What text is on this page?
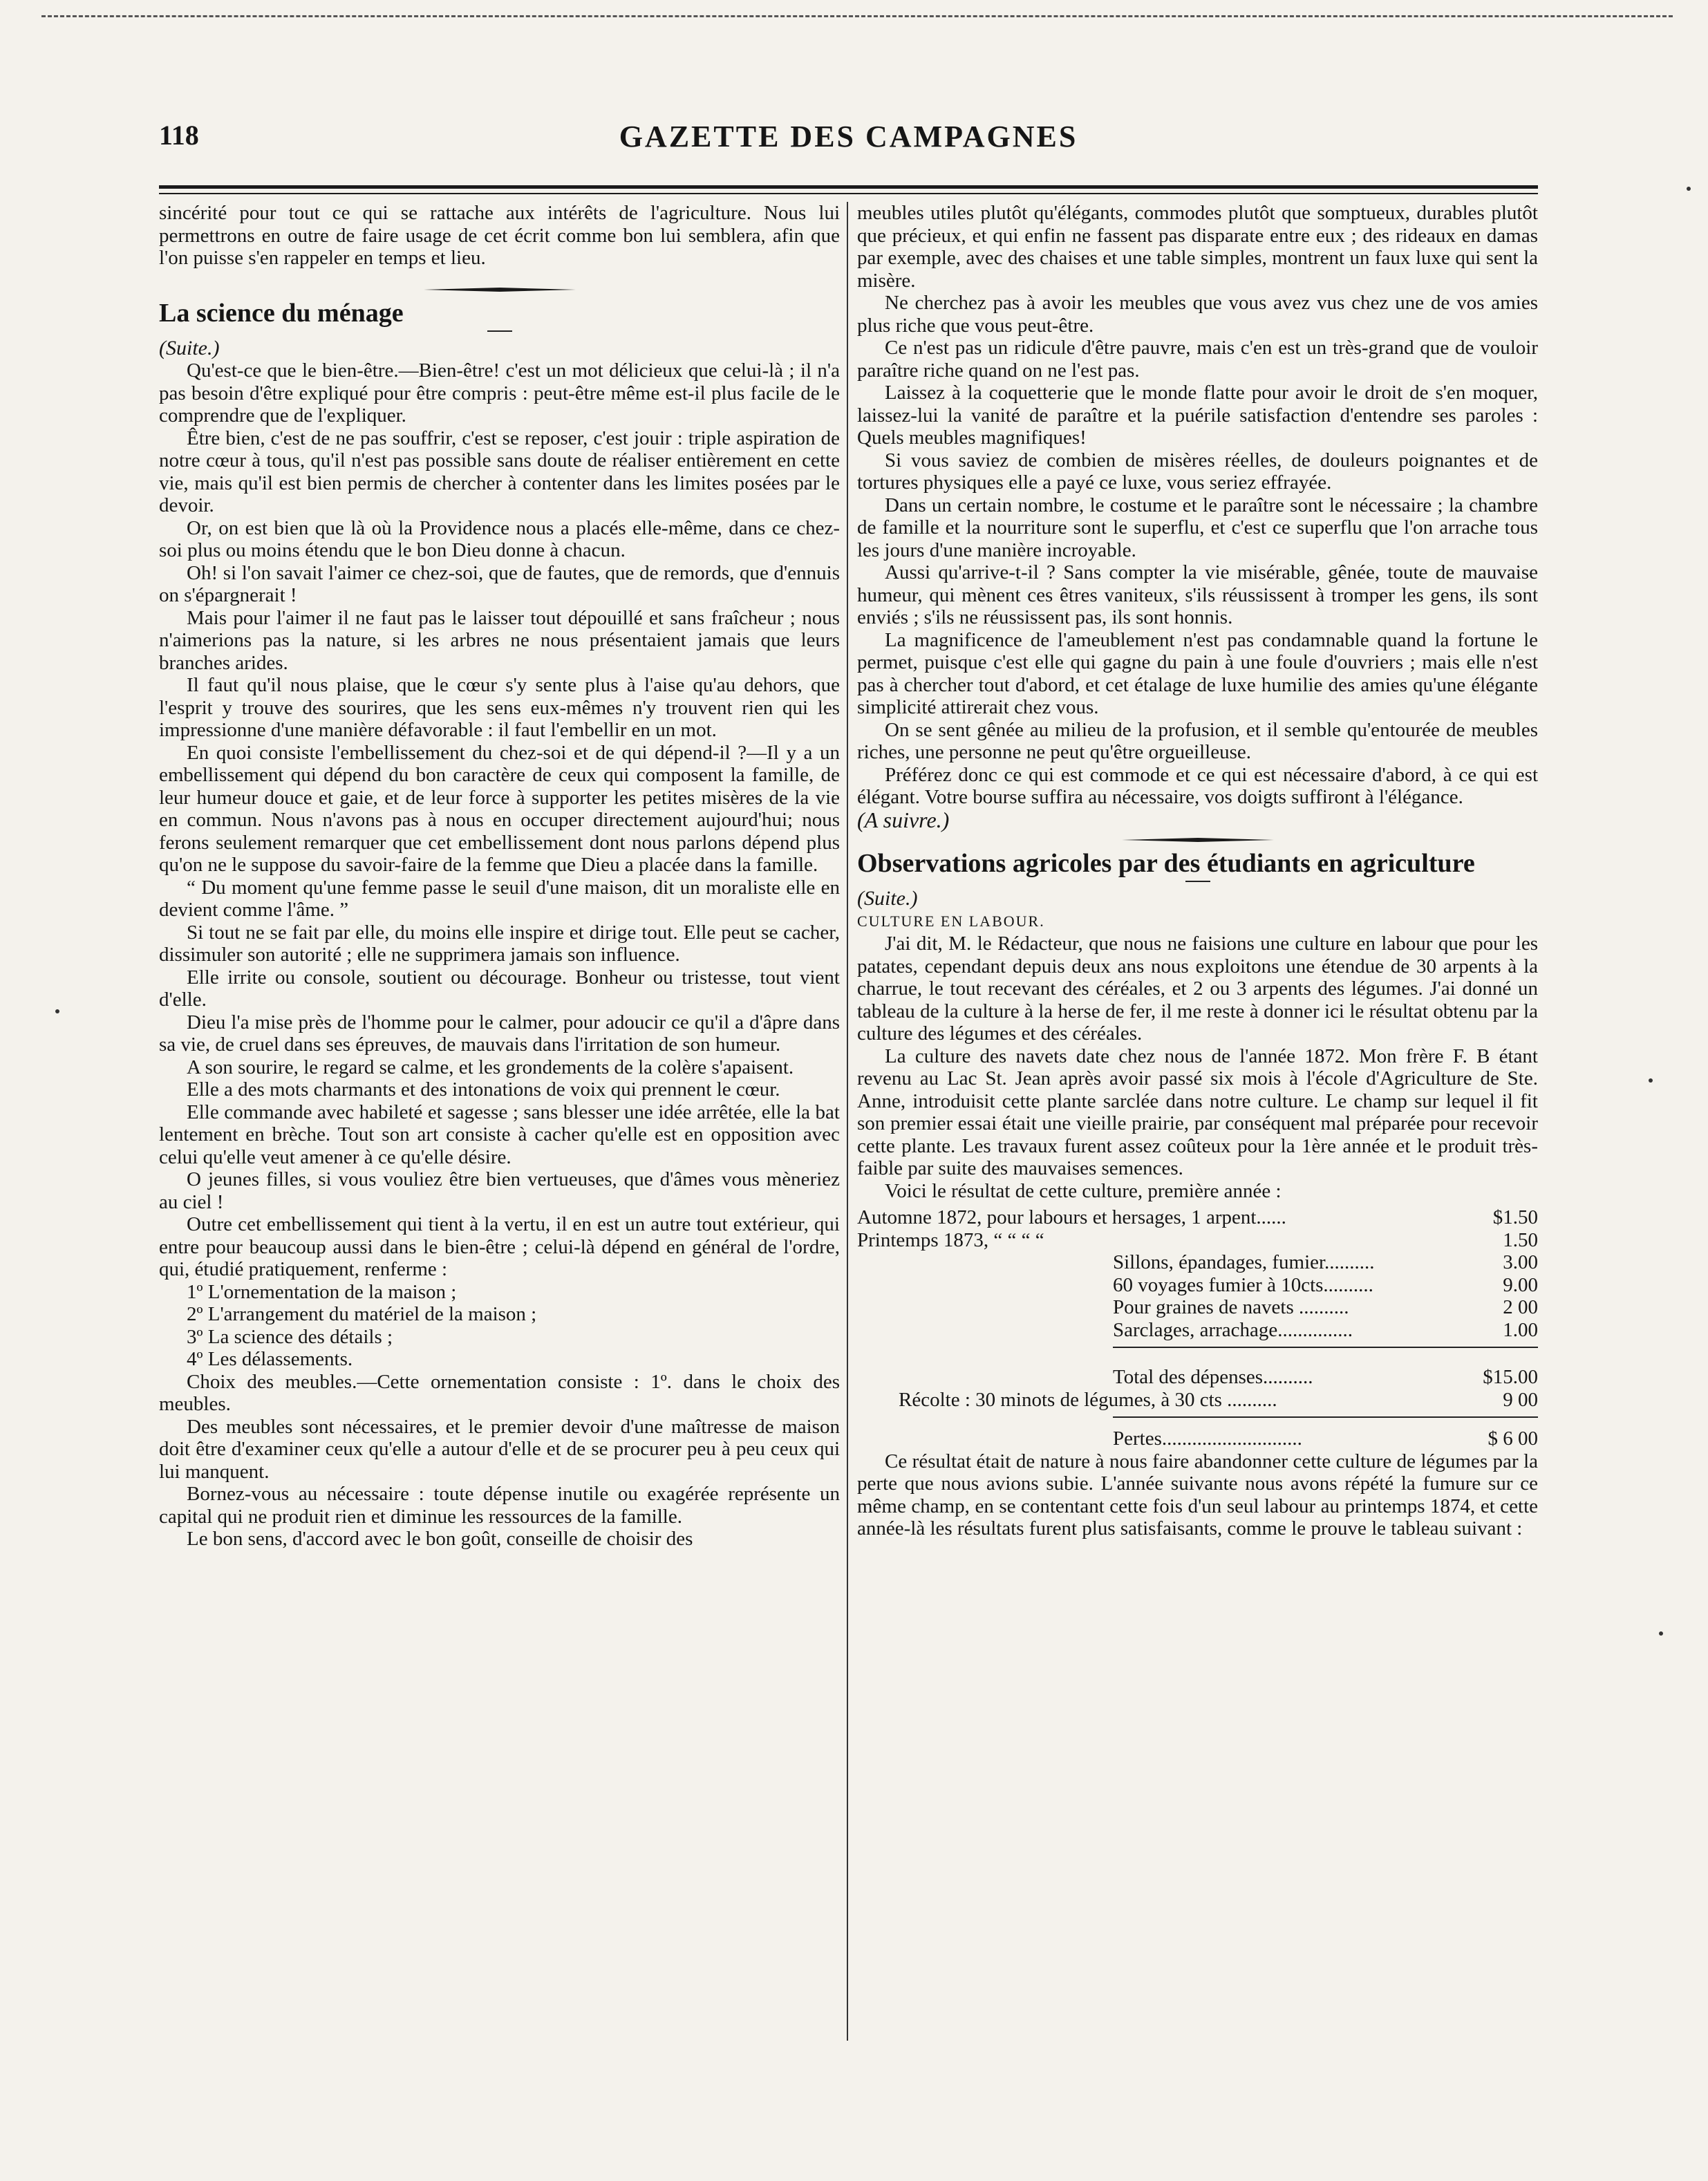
118	GAZETTE DES CAMPAGNES

sincérité pour tout ce qui se rattache aux intérêts de l'agriculture. Nous lui permettrons en outre de faire usage de cet écrit comme bon lui semblera, afin que l'on puisse s'en rappeler en temps et lieu.

La science du ménage

(Suite.)

Qu'est-ce que le bien-être.—Bien-être! c'est un mot délicieux que celui-là ; il n'a pas besoin d'être expliqué pour être compris : peut-être même est-il plus facile de le comprendre que de l'expliquer.

Être bien, c'est de ne pas souffrir, c'est se reposer, c'est jouir : triple aspiration de notre cœur à tous, qu'il n'est pas possible sans doute de réaliser entièrement en cette vie, mais qu'il est bien permis de chercher à contenter dans les limites posées par le devoir.

Or, on est bien que là où la Providence nous a placés elle-même, dans ce chez-soi plus ou moins étendu que le bon Dieu donne à chacun.

Oh! si l'on savait l'aimer ce chez-soi, que de fautes, que de remords, que d'ennuis on s'épargnerait !

Mais pour l'aimer il ne faut pas le laisser tout dépouillé et sans fraîcheur ; nous n'aimerions pas la nature, si les arbres ne nous présentaient jamais que leurs branches arides.

Il faut qu'il nous plaise, que le cœur s'y sente plus à l'aise qu'au dehors, que l'esprit y trouve des sourires, que les sens eux-mêmes n'y trouvent rien qui les impressionne d'une manière défavorable : il faut l'embellir en un mot.

En quoi consiste l'embellissement du chez-soi et de qui dépend-il ?—Il y a un embellissement qui dépend du bon caractère de ceux qui composent la famille, de leur humeur douce et gaie, et de leur force à supporter les petites misères de la vie en commun. Nous n'avons pas à nous en occuper directement aujourd'hui; nous ferons seulement remarquer que cet embellissement dont nous parlons dépend plus qu'on ne le suppose du savoir-faire de la femme que Dieu a placée dans la famille.

“ Du moment qu'une femme passe le seuil d'une maison, dit un moraliste elle en devient comme l'âme. ”

Si tout ne se fait par elle, du moins elle inspire et dirige tout. Elle peut se cacher, dissimuler son autorité ; elle ne supprimera jamais son influence.

Elle irrite ou console, soutient ou décourage. Bonheur ou tristesse, tout vient d'elle.

Dieu l'a mise près de l'homme pour le calmer, pour adoucir ce qu'il a d'âpre dans sa vie, de cruel dans ses épreuves, de mauvais dans l'irritation de son humeur.

A son sourire, le regard se calme, et les grondements de la colère s'apaisent.

Elle a des mots charmants et des intonations de voix qui prennent le cœur.

Elle commande avec habileté et sagesse ; sans blesser une idée arrêtée, elle la bat lentement en brèche. Tout son art consiste à cacher qu'elle est en opposition avec celui qu'elle veut amener à ce qu'elle désire.

O jeunes filles, si vous vouliez être bien vertueuses, que d'âmes vous mèneriez au ciel !

Outre cet embellissement qui tient à la vertu, il en est un autre tout extérieur, qui entre pour beaucoup aussi dans le bien-être ; celui-là dépend en général de l'ordre, qui, étudié pratiquement, renferme :

1º L'ornementation de la maison ;

2º L'arrangement du matériel de la maison ;

3º La science des détails ;

4º Les délassements.

Choix des meubles.—Cette ornementation consiste : 1º. dans le choix des meubles.

Des meubles sont nécessaires, et le premier devoir d'une maîtresse de maison doit être d'examiner ceux qu'elle a autour d'elle et de se procurer peu à peu ceux qui lui manquent.

Bornez-vous au nécessaire : toute dépense inutile ou exagérée représente un capital qui ne produit rien et diminue les ressources de la famille.

Le bon sens, d'accord avec le bon goût, conseille de choisir des

meubles utiles plutôt qu'élégants, commodes plutôt que somptueux, durables plutôt que précieux, et qui enfin ne fassent pas disparate entre eux ; des rideaux en damas par exemple, avec des chaises et une table simples, montrent un faux luxe qui sent la misère.

Ne cherchez pas à avoir les meubles que vous avez vus chez une de vos amies plus riche que vous peut-être.

Ce n'est pas un ridicule d'être pauvre, mais c'en est un très-grand que de vouloir paraître riche quand on ne l'est pas.

Laissez à la coquetterie que le monde flatte pour avoir le droit de s'en moquer, laissez-lui la vanité de paraître et la puérile satisfaction d'entendre ses paroles : Quels meubles magnifiques!

Si vous saviez de combien de misères réelles, de douleurs poignantes et de tortures physiques elle a payé ce luxe, vous seriez effrayée.

Dans un certain nombre, le costume et le paraître sont le nécessaire ; la chambre de famille et la nourriture sont le superflu, et c'est ce superflu que l'on arrache tous les jours d'une manière incroyable.

Aussi qu'arrive-t-il ? Sans compter la vie misérable, gênée, toute de mauvaise humeur, qui mènent ces êtres vaniteux, s'ils réussissent à tromper les gens, ils sont enviés ; s'ils ne réussissent pas, ils sont honnis.

La magnificence de l'ameublement n'est pas condamnable quand la fortune le permet, puisque c'est elle qui gagne du pain à une foule d'ouvriers ; mais elle n'est pas à chercher tout d'abord, et cet étalage de luxe humilie des amies qu'une élégante simplicité attirerait chez vous.

On se sent gênée au milieu de la profusion, et il semble qu'entourée de meubles riches, une personne ne peut qu'être orgueilleuse.

Préférez donc ce qui est commode et ce qui est nécessaire d'abord, à ce qui est élégant. Votre bourse suffira au nécessaire, vos doigts suffiront à l'élégance.

(A suivre.)

Observations agricoles par des étudiants en agriculture

(Suite.)

CULTURE EN LABOUR.

J'ai dit, M. le Rédacteur, que nous ne faisions une culture en labour que pour les patates, cependant depuis deux ans nous exploitons une étendue de 30 arpents à la charrue, le tout recevant des céréales, et 2 ou 3 arpents des légumes. J'ai donné un tableau de la culture à la herse de fer, il me reste à donner ici le résultat obtenu par la culture des légumes et des céréales.

La culture des navets date chez nous de l'année 1872. Mon frère F. B étant revenu au Lac St. Jean après avoir passé six mois à l'école d'Agriculture de Ste. Anne, introduisit cette plante sarclée dans notre culture. Le champ sur lequel il fit son premier essai était une vieille prairie, par conséquent mal préparée pour recevoir cette plante. Les travaux furent assez coûteux pour la 1ère année et le produit très-faible par suite des mauvaises semences.

Voici le résultat de cette culture, première année :

Automne 1872, pour labours et hersages, 1 arpent......	$1.50
Printemps 1873, “ “ “ “	1.50
Sillons, épandages, fumier..........	3.00
60 voyages fumier à 10cts..........	9.00
Pour graines de navets ..........	2 00
Sarclages, arrachage...............	1.00
Total des dépenses..........	$15.00
Récolte : 30 minots de légumes, à 30 cts ..........	9 00
Pertes............................	$ 6 00

Ce résultat était de nature à nous faire abandonner cette culture de légumes par la perte que nous avions subie. L'année suivante nous avons répété la fumure sur ce même champ, en se contentant cette fois d'un seul labour au printemps 1874, et cette année-là les résultats furent plus satisfaisants, comme le prouve le tableau suivant :
